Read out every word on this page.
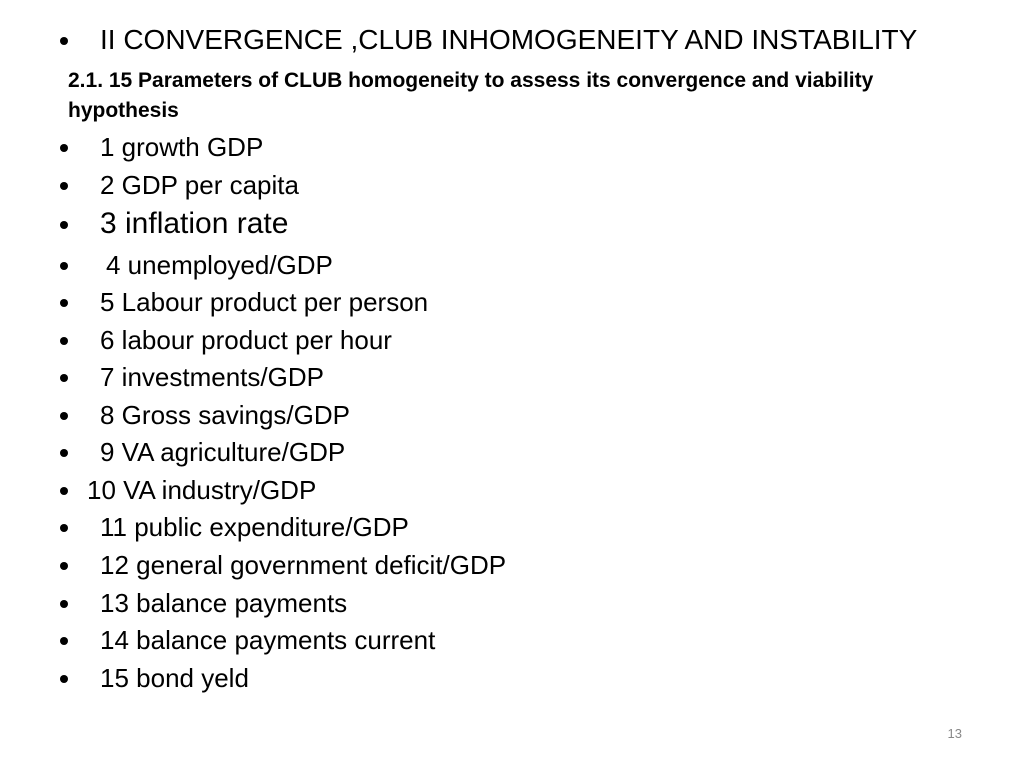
II CONVERGENCE ,CLUB INHOMOGENEITY AND INSTABILITY
2.1. 15 Parameters of CLUB homogeneity to assess its convergence and viability hypothesis
1 growth GDP
2 GDP per capita
3 inflation rate
4 unemployed/GDP
5 Labour product per person
6 labour product per hour
7 investments/GDP
8 Gross savings/GDP
9 VA agriculture/GDP
10 VA industry/GDP
11 public expenditure/GDP
12 general government deficit/GDP
13 balance payments
14 balance payments current
15 bond yeld
13
